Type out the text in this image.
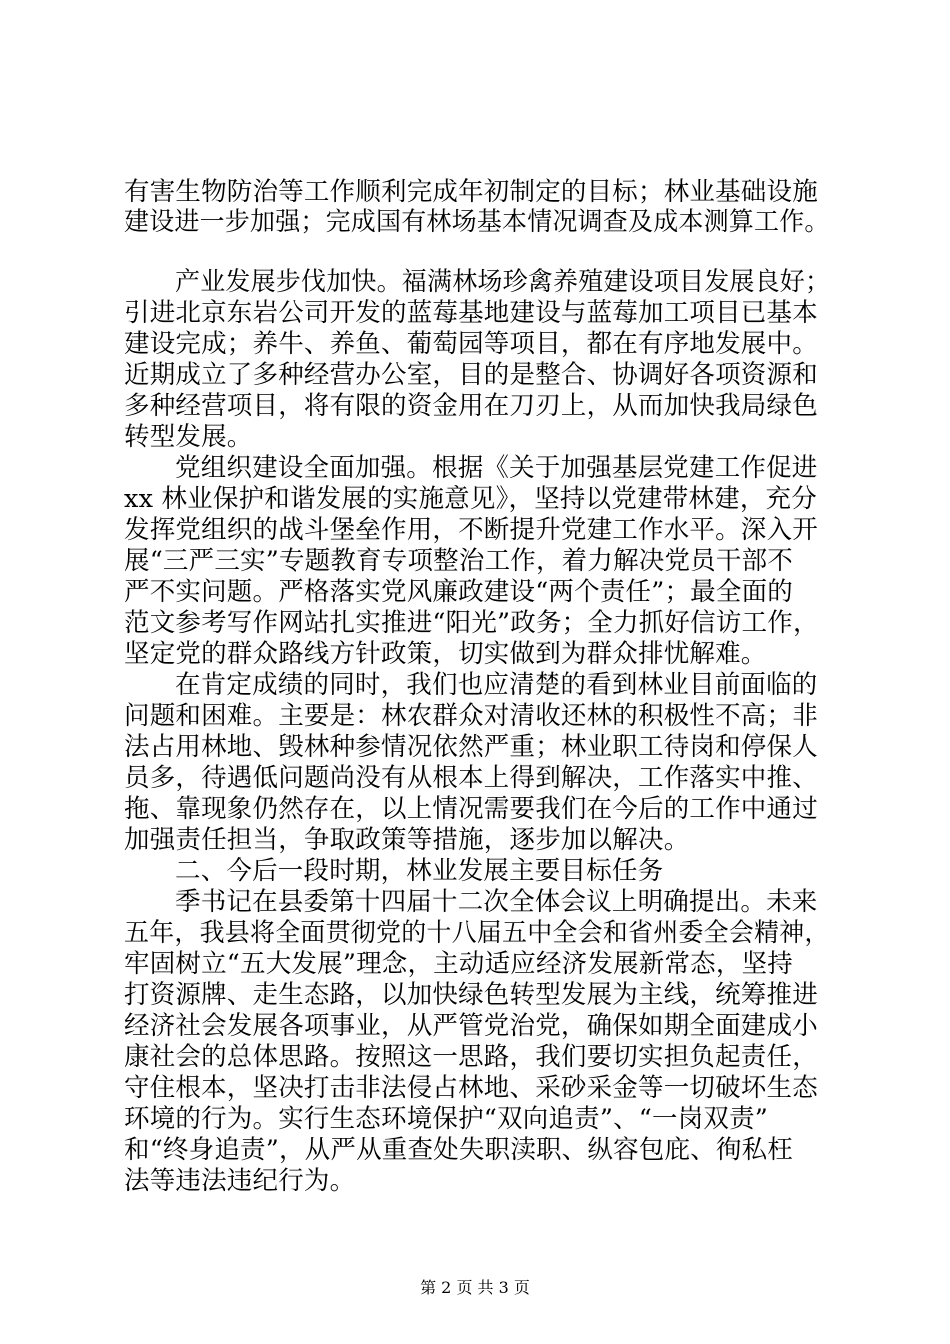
有害生物防治等工作顺利完成年初制定的目标；林业基础设施
建设进一步加强；完成国有林场基本情况调查及成本测算工作。
产业发展步伐加快。福满林场珍禽养殖建设项目发展良好；
引进北京东岩公司开发的蓝莓基地建设与蓝莓加工项目已基本
建设完成；养牛、养鱼、葡萄园等项目，都在有序地发展中。
近期成立了多种经营办公室，目的是整合、协调好各项资源和
多种经营项目，将有限的资金用在刀刃上，从而加快我局绿色
转型发展。
党组织建设全面加强。根据《关于加强基层党建工作促进
xx 林业保护和谐发展的实施意见》，坚持以党建带林建，充分
发挥党组织的战斗堡垒作用，不断提升党建工作水平。深入开
展“三严三实”专题教育专项整治工作，着力解决党员干部不
严不实问题。严格落实党风廉政建设“两个责任”；最全面的
范文参考写作网站扎实推进“阳光”政务；全力抓好信访工作，
坚定党的群众路线方针政策，切实做到为群众排忧解难。
在肯定成绩的同时，我们也应清楚的看到林业目前面临的
问题和困难。主要是：林农群众对清收还林的积极性不高；非
法占用林地、毁林种参情况依然严重；林业职工待岗和停保人
员多，待遇低问题尚没有从根本上得到解决，工作落实中推、
拖、靠现象仍然存在，以上情况需要我们在今后的工作中通过
加强责任担当，争取政策等措施，逐步加以解决。
二、今后一段时期，林业发展主要目标任务
季书记在县委第十四届十二次全体会议上明确提出。未来
五年，我县将全面贯彻党的十八届五中全会和省州委全会精神，
牢固树立“五大发展”理念，主动适应经济发展新常态，坚持
打资源牌、走生态路，以加快绿色转型发展为主线，统筹推进
经济社会发展各项事业，从严管党治党，确保如期全面建成小
康社会的总体思路。按照这一思路，我们要切实担负起责任，
守住根本，坚决打击非法侵占林地、采砂采金等一切破坏生态
环境的行为。实行生态环境保护“双向追责”、“一岗双责”
和“终身追责”，从严从重查处失职渎职、纵容包庇、徇私枉
法等违法违纪行为。
第 2 页 共 3 页
